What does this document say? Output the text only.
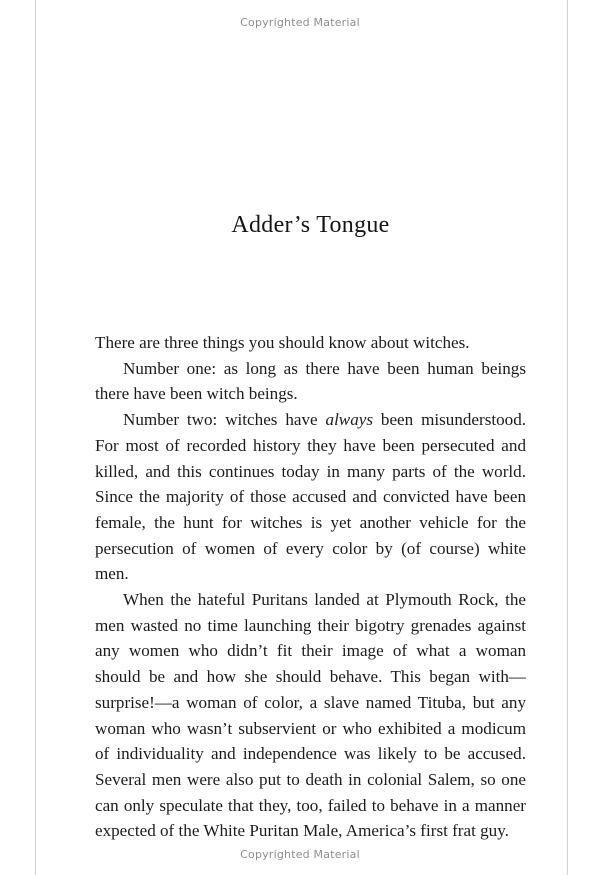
Copyrighted Material
Adder’s Tongue

There are three things you should know about witches.

Number one: as long as there have been human beings there have been witch beings.

Number two: witches have always been misunderstood. For most of recorded history they have been persecuted and killed, and this continues today in many parts of the world. Since the majority of those accused and convicted have been female, the hunt for witches is yet another vehicle for the persecution of women of every color by (of course) white men.

When the hateful Puritans landed at Plymouth Rock, the men wasted no time launching their bigotry grenades against any women who didn’t fit their image of what a woman should be and how she should behave. This began with—surprise!—a woman of color, a slave named Tituba, but any woman who wasn’t subservient or who exhibited a modicum of individuality and independence was likely to be accused. Several men were also put to death in colonial Salem, so one can only speculate that they, too, failed to behave in a manner expected of the White Puritan Male, America’s first frat guy.

Copyrighted Material
